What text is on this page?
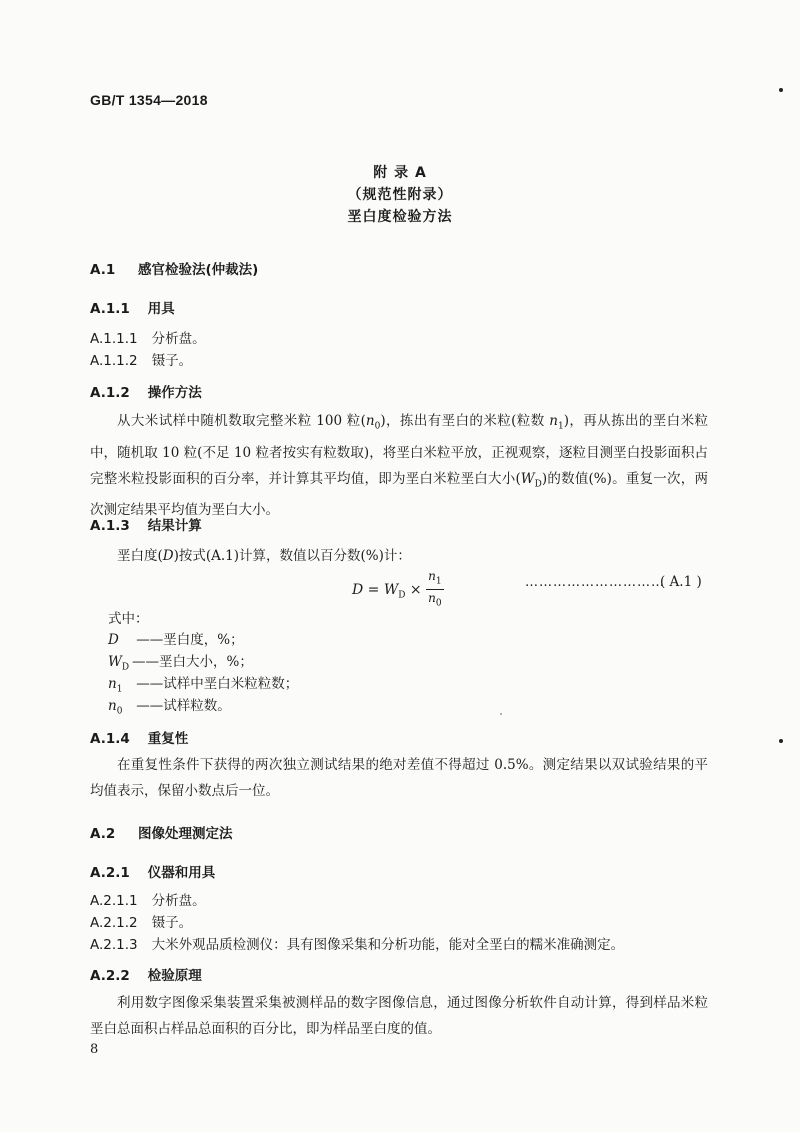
GB/T 1354—2018
附 录 A
（规范性附录）
垩白度检验方法
A.1 感官检验法(仲裁法)
A.1.1 用具
A.1.1.1 分析盘。
A.1.1.2 镊子。
A.1.2 操作方法
从大米试样中随机数取完整米粒 100 粒$(n_0)$，拣出有垩白的米粒(粒数 $n_1$)，再从拣出的垩白米粒中，随机取 10 粒(不足 10 粒者按实有粒数取)，将垩白米粒平放，正视观察，逐粒目测垩白投影面积占完整米粒投影面积的百分率，并计算其平均值，即为垩白米粒垩白大小$(W_D)$的数值(%)。重复一次，两次测定结果平均值为垩白大小。
A.1.3 结果计算
垩白度(D)按式(A.1)计算，数值以百分数(%)计：
$D = W_D \times \frac{n_1}{n_0}$	…………………………
( A.1 )
式中：
D ——垩白度，%；
$W_D$ ——垩白大小，%；
$n_1$ ——试样中垩白米粒粒数；
$n_0$ ——试样粒数。
A.1.4 重复性
在重复性条件下获得的两次独立测试结果的绝对差值不得超过 0.5%。测定结果以双试验结果的平均值表示，保留小数点后一位。
A.2 图像处理测定法
A.2.1 仪器和用具
A.2.1.1 分析盘。
A.2.1.2 镊子。
A.2.1.3 大米外观品质检测仪：具有图像采集和分析功能，能对全垩白的糯米准确测定。
A.2.2 检验原理
利用数字图像采集装置采集被测样品的数字图像信息，通过图像分析软件自动计算，得到样品米粒垩白总面积占样品总面积的百分比，即为样品垩白度的值。
8
